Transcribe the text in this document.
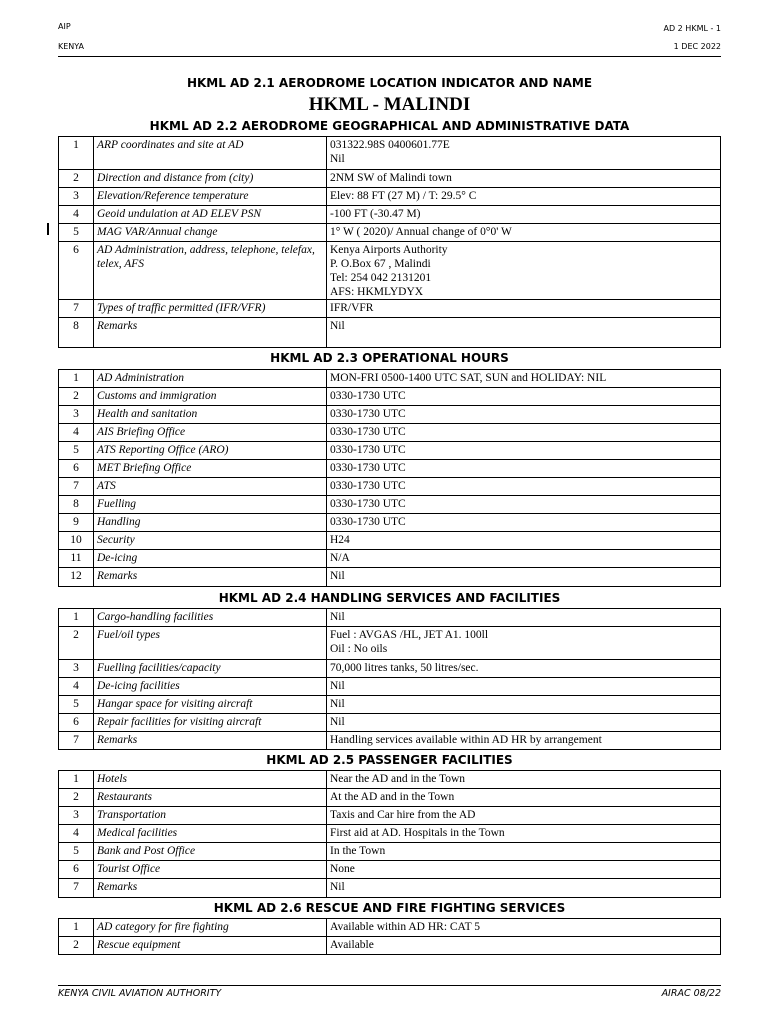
AIP
KENYA
AD 2 HKML - 1
1 DEC 2022
HKML AD 2.1 AERODROME LOCATION INDICATOR AND NAME
HKML - MALINDI
HKML AD 2.2 AERODROME GEOGRAPHICAL AND ADMINISTRATIVE DATA
1	ARP coordinates and site at AD	031322.98S 0400601.77E
Nil
2	Direction and distance from (city)	2NM SW of Malindi town
3	Elevation/Reference temperature	Elev: 88 FT (27 M) / T: 29.5° C
4	Geoid undulation at AD ELEV PSN	-100 FT (-30.47 M)
5	MAG VAR/Annual change	1° W ( 2020)/ Annual change of 0°0' W
6	AD Administration, address, telephone, telefax, telex, AFS	Kenya Airports Authority
P. O.Box 67 , Malindi
Tel: 254 042 2131201
AFS: HKMLYDYX
7	Types of traffic permitted (IFR/VFR)	IFR/VFR
8	Remarks	Nil
HKML AD 2.3 OPERATIONAL HOURS
1	AD Administration	MON-FRI 0500-1400 UTC SAT, SUN and HOLIDAY: NIL
2	Customs and immigration	0330-1730 UTC
3	Health and sanitation	0330-1730 UTC
4	AIS Briefing Office	0330-1730 UTC
5	ATS Reporting Office (ARO)	0330-1730 UTC
6	MET Briefing Office	0330-1730 UTC
7	ATS	0330-1730 UTC
8	Fuelling	0330-1730 UTC
9	Handling	0330-1730 UTC
10	Security	H24
11	De-icing	N/A
12	Remarks	Nil
HKML AD 2.4 HANDLING SERVICES AND FACILITIES
1	Cargo-handling facilities	Nil
2	Fuel/oil types	Fuel : AVGAS /HL, JET A1. 100ll
Oil : No oils
3	Fuelling facilities/capacity	70,000 litres tanks, 50 litres/sec.
4	De-icing facilities	Nil
5	Hangar space for visiting aircraft	Nil
6	Repair facilities for visiting aircraft	Nil
7	Remarks	Handling services available within AD HR by arrangement
HKML AD 2.5 PASSENGER FACILITIES
1	Hotels	Near the AD and in the Town
2	Restaurants	At the AD and in the Town
3	Transportation	Taxis and Car hire from the AD
4	Medical facilities	First aid at AD. Hospitals in the Town
5	Bank and Post Office	In the Town
6	Tourist Office	None
7	Remarks	Nil
HKML AD 2.6 RESCUE AND FIRE FIGHTING SERVICES
1	AD category for fire fighting	Available within AD HR: CAT 5
2	Rescue equipment	Available
KENYA CIVIL AVIATION AUTHORITY	AIRAC 08/22
